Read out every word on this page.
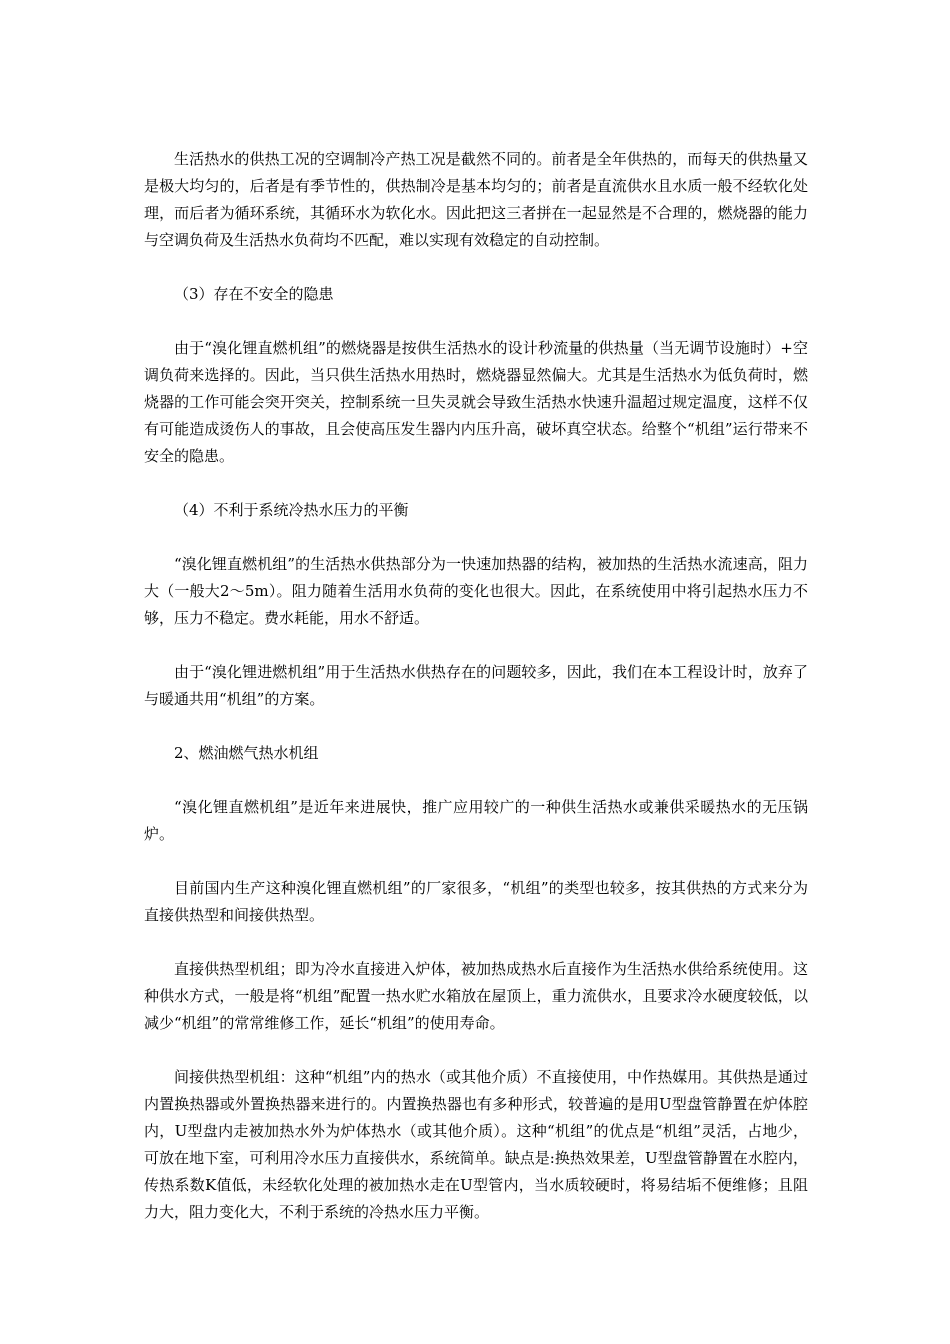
生活热水的供热工况的空调制冷产热工况是截然不同的。前者是全年供热的，而每天的供热量又是极大均匀的，后者是有季节性的，供热制冷是基本均匀的；前者是直流供水且水质一般不经软化处理，而后者为循环系统，其循环水为软化水。因此把这三者拼在一起显然是不合理的，燃烧器的能力与空调负荷及生活热水负荷均不匹配，难以实现有效稳定的自动控制。

（3）存在不安全的隐患

由于“溴化锂直燃机组”的燃烧器是按供生活热水的设计秒流量的供热量（当无调节设施时）+空调负荷来选择的。因此，当只供生活热水用热时，燃烧器显然偏大。尤其是生活热水为低负荷时，燃烧器的工作可能会突开突关，控制系统一旦失灵就会导致生活热水快速升温超过规定温度，这样不仅有可能造成烫伤人的事故，且会使高压发生器内内压升高，破坏真空状态。给整个“机组”运行带来不安全的隐患。

（4）不利于系统冷热水压力的平衡

“溴化锂直燃机组”的生活热水供热部分为一快速加热器的结构，被加热的生活热水流速高，阻力大（一般大2～5m）。阻力随着生活用水负荷的变化也很大。因此，在系统使用中将引起热水压力不够，压力不稳定。费水耗能，用水不舒适。

由于“溴化锂进燃机组”用于生活热水供热存在的问题较多，因此，我们在本工程设计时，放弃了与暖通共用“机组”的方案。

2、燃油燃气热水机组

“溴化锂直燃机组”是近年来进展快，推广应用较广的一种供生活热水或兼供采暖热水的无压锅炉。

目前国内生产这种溴化锂直燃机组”的厂家很多，“机组”的类型也较多，按其供热的方式来分为直接供热型和间接供热型。

直接供热型机组；即为冷水直接进入炉体，被加热成热水后直接作为生活热水供给系统使用。这种供水方式，一般是将“机组”配置一热水贮水箱放在屋顶上，重力流供水，且要求冷水硬度较低，以减少“机组”的常常维修工作，延长“机组”的使用寿命。

间接供热型机组：这种“机组”内的热水（或其他介质）不直接使用，中作热媒用。其供热是通过内置换热器或外置换热器来进行的。内置换热器也有多种形式，较普遍的是用U型盘管静置在炉体腔内，U型盘内走被加热水外为炉体热水（或其他介质）。这种“机组”的优点是“机组”灵活，占地少，可放在地下室，可利用冷水压力直接供水，系统简单。缺点是:换热效果差，U型盘管静置在水腔内，传热系数K值低，未经软化处理的被加热水走在U型管内，当水质较硬时，将易结垢不便维修；且阻力大，阻力变化大，不利于系统的冷热水压力平衡。
